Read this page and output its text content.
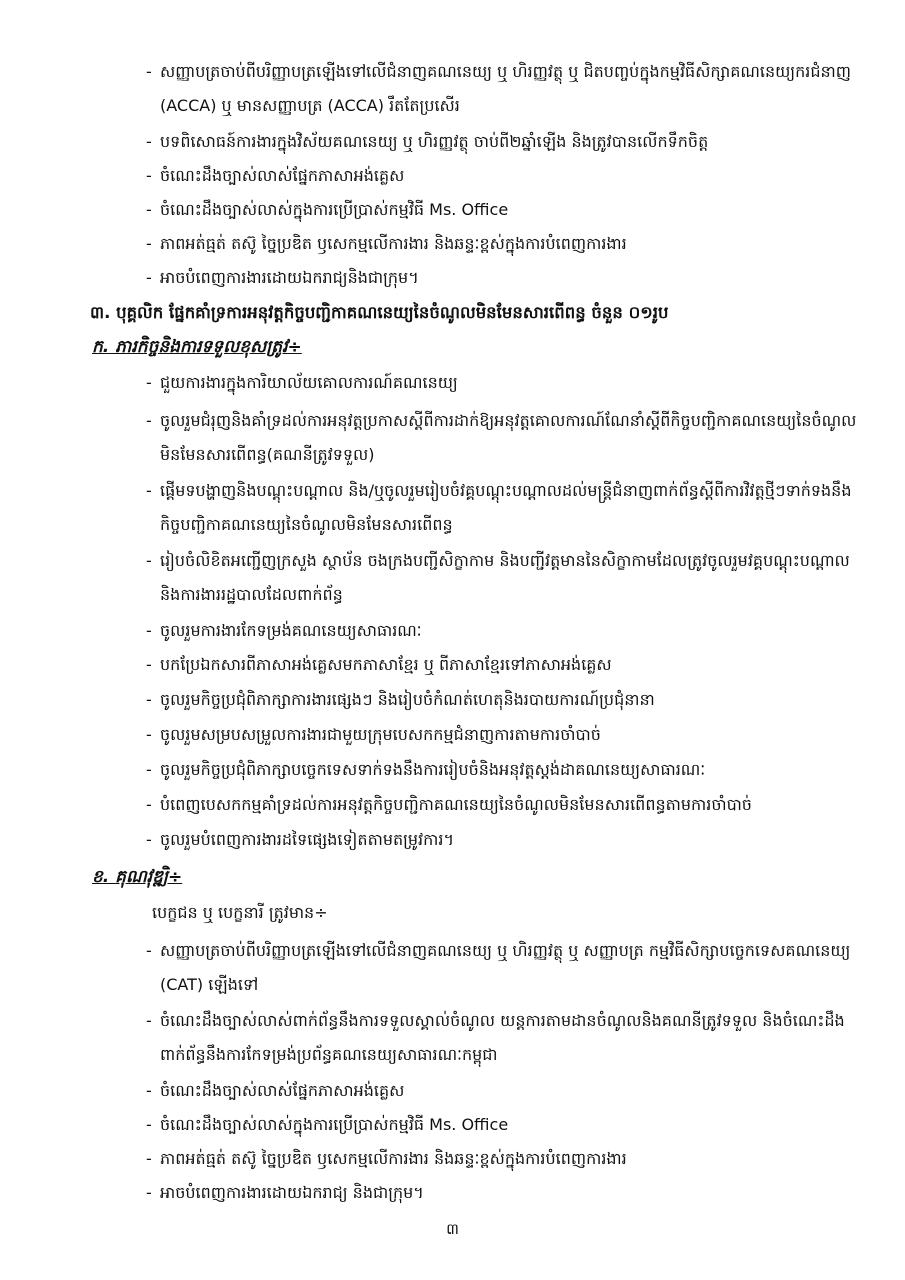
- សញ្ញាបត្រចាប់ពីបរិញ្ញាបត្រឡើងទៅលើជំនាញគណនេយ្យ ឬ ហិរញ្ញវត្ថុ ឬ ជិតបញ្ចប់ក្នុងកម្មវិធីសិក្សាគណនេយ្យករជំនាញ (ACCA) ឬ មានសញ្ញាបត្រ (ACCA) រឹតតែប្រសើរ
- បទពិសោធន៍ការងារក្នុងវិស័យគណនេយ្យ ឬ ហិរញ្ញវត្ថុ ចាប់ពី២ឆ្នាំឡើង និងត្រូវបានលើកទឹកចិត្ត
- ចំណេះដឹងច្បាស់លាស់ផ្នែកភាសាអង់គ្លេស
- ចំណេះដឹងច្បាស់លាស់ក្នុងការប្រើប្រាស់កម្មវិធី Ms. Office
- ភាពអត់ធ្មត់ តស៊ូ ច្នៃប្រឌិត ឫសេកម្មលើការងារ និងឆន្ទៈខ្ពស់ក្នុងការបំពេញការងារ
- អាចបំពេញការងារដោយឯករាជ្យនិងជាក្រុម។
៣. បុគ្គលិក ផ្នែកគាំទ្រការអនុវត្តកិច្ចបញ្ជិកាគណនេយ្យនៃចំណូលមិនមែនសារពើពន្ធ ចំនួន ០១រូប
ក. ភារកិច្ចនិងការទទួលខុសត្រូវ÷
- ជួយការងារក្នុងការិយាល័យគោលការណ៍គណនេយ្យ
- ចូលរួមជំរុញនិងគាំទ្រដល់ការអនុវត្តប្រកាសស្តីពីការដាក់ឱ្យអនុវត្តគោលការណ៍ណែនាំស្តីពីកិច្ចបញ្ជិកាគណនេយ្យនៃចំណូលមិនមែនសារពើពន្ធ(គណនីត្រូវទទួល)
- ផ្តើមទបង្ហាញនិងបណ្តុះបណ្តាល និង/ឬចូលរួមរៀបចំវគ្គបណ្តុះបណ្តាលដល់មន្ត្រីជំនាញពាក់ព័ន្ធស្តីពីការវិវត្តថ្មីៗទាក់ទងនឹងកិច្ចបញ្ជិកាគណនេយ្យនៃចំណូលមិនមែនសារពើពន្ធ
- រៀបចំលិខិតអញ្ជើញក្រសួង ស្ថាប័ន ចងក្រងបញ្ជីសិក្ខាកាម និងបញ្ជីវត្តមាននៃសិក្ខាកាមដែលត្រូវចូលរួមវគ្គបណ្តុះបណ្តាល និងការងាររដ្ឋបាលដែលពាក់ព័ន្ធ
- ចូលរួមការងារកែទម្រង់គណនេយ្យសាធារណៈ
- បកប្រែឯកសារពីភាសាអង់គ្លេសមកភាសាខ្មែរ ឬ ពីភាសាខ្មែរទៅភាសាអង់គ្លេស
- ចូលរួមកិច្ចប្រជុំពិភាក្សាការងារផ្សេងៗ និងរៀបចំកំណត់ហេតុនិងរបាយការណ៍ប្រជុំនានា
- ចូលរួមសម្របសម្រួលការងារជាមួយក្រុមបេសកកម្មជំនាញការតាមការចាំបាច់
- ចូលរួមកិច្ចប្រជុំពិភាក្សាបច្ចេកទេសទាក់ទងនឹងការរៀបចំនិងអនុវត្តស្តង់ដាគណនេយ្យសាធារណៈ
- បំពេញបេសកកម្មគាំទ្រដល់ការអនុវត្តកិច្ចបញ្ជិកាគណនេយ្យនៃចំណូលមិនមែនសារពើពន្ធតាមការចាំបាច់
- ចូលរួមបំពេញការងារដទៃផ្សេងទៀតតាមតម្រូវការ។
ខ. គុណវុឌ្ឍិ÷
បេក្ខជន ឬ បេក្ខនារី ត្រូវមាន÷
- សញ្ញាបត្រចាប់ពីបរិញ្ញាបត្រឡើងទៅលើជំនាញគណនេយ្យ ឬ ហិរញ្ញវត្ថុ ឬ សញ្ញាបត្រ កម្មវិធីសិក្សាបច្ចេកទេសគណនេយ្យ (CAT) ឡើងទៅ
- ចំណេះដឹងច្បាស់លាស់ពាក់ព័ន្ធនឹងការទទួលស្គាល់ចំណូល យន្តការតាមដានចំណូលនិងគណនីត្រូវទទួល និងចំណេះដឹងពាក់ព័ន្ធនឹងការកែទម្រង់ប្រព័ន្ធគណនេយ្យសាធារណៈកម្ពុជា
- ចំណេះដឹងច្បាស់លាស់ផ្នែកភាសាអង់គ្លេស
- ចំណេះដឹងច្បាស់លាស់ក្នុងការប្រើប្រាស់កម្មវិធី Ms. Office
- ភាពអត់ធ្មត់ តស៊ូ ច្នៃប្រឌិត ឫសេកម្មលើការងារ និងឆន្ទៈខ្ពស់ក្នុងការបំពេញការងារ
- អាចបំពេញការងារដោយឯករាជ្យ និងជាក្រុម។
៣
